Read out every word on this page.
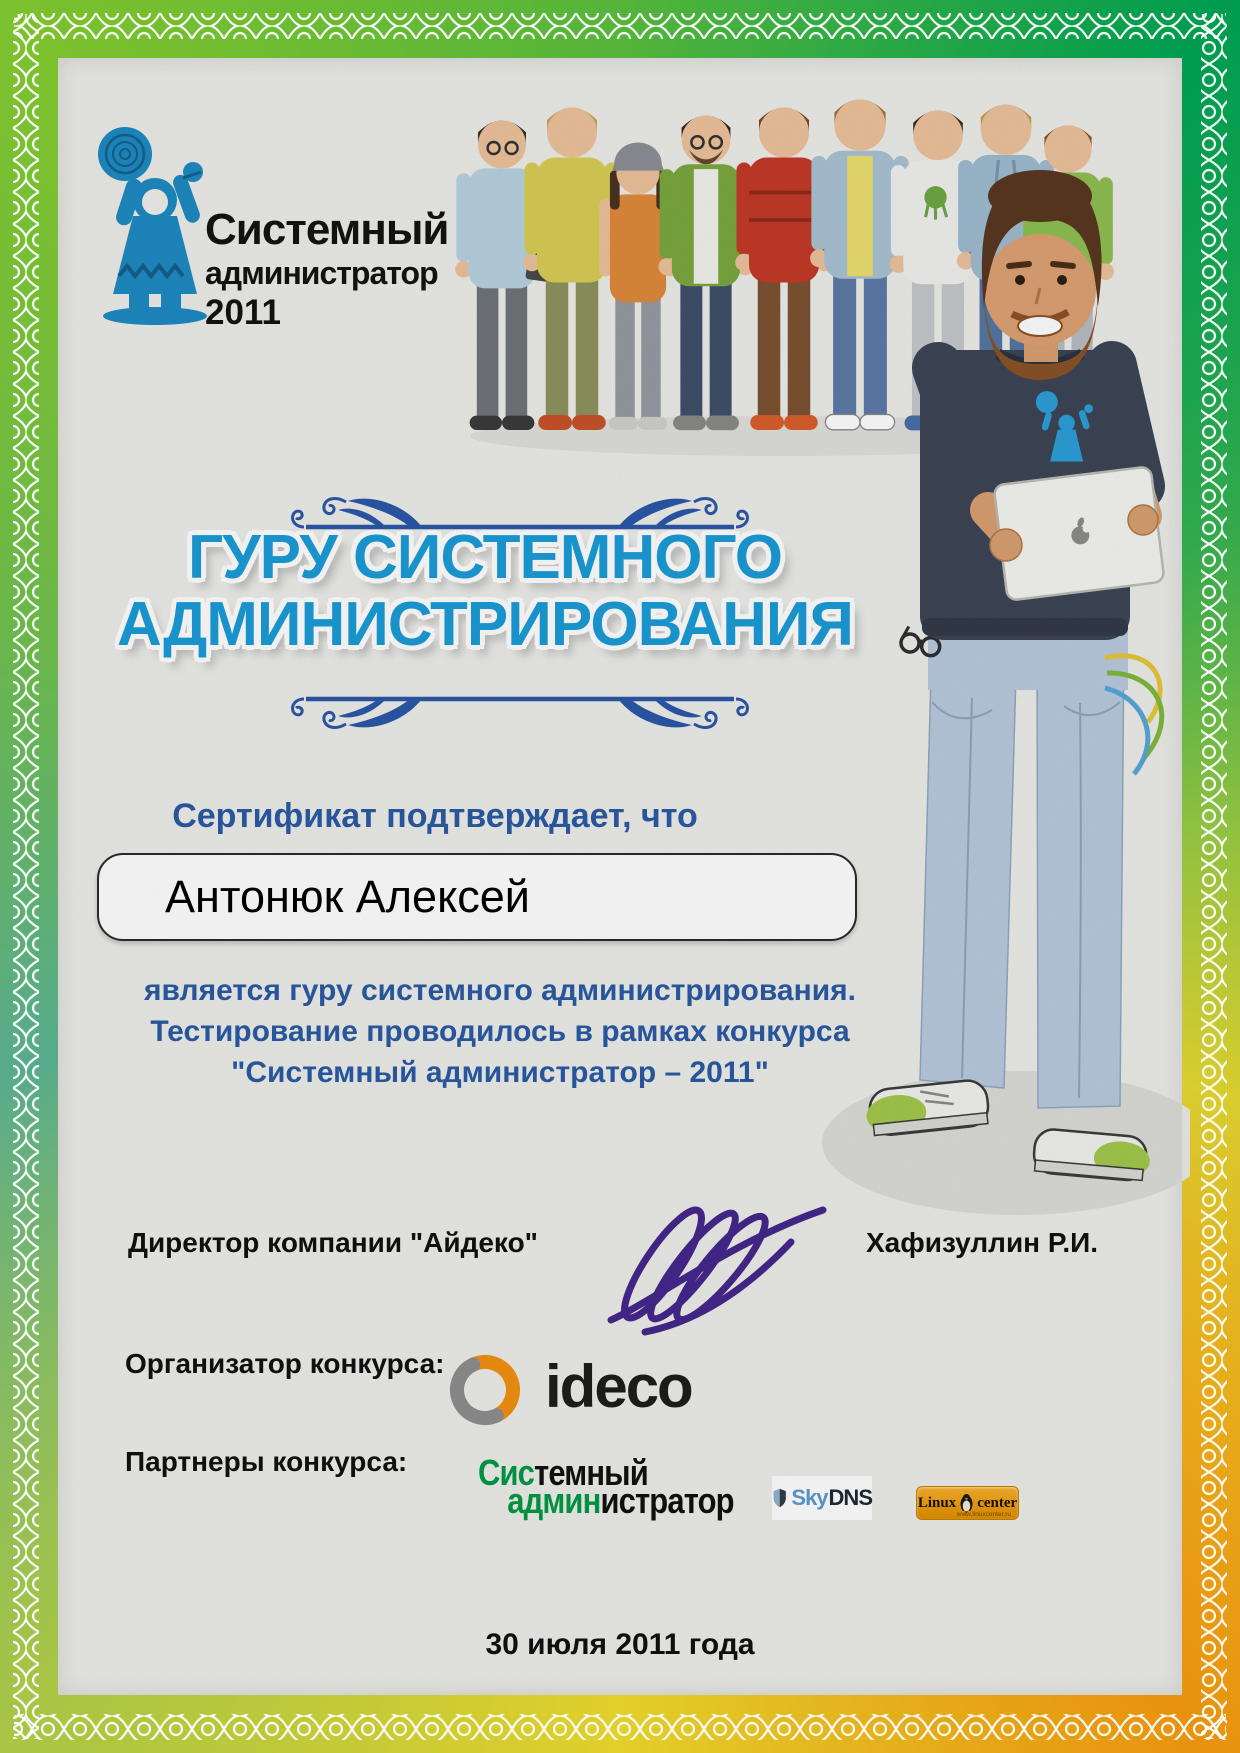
Системный
администратор
2011
ГУРУ СИСТЕМНОГО
АДМИНИСТРИРОВАНИЯ
Сертификат подтверждает, что
Антонюк Алексей
является гуру системного администрирования.
Тестирование проводилось в рамках конкурса
"Системный администратор – 2011"
Директор компании "Айдеко"	Хафизуллин Р.И.
Организатор конкурса: ideco
Партнеры конкурса: Системный
администратор	Sky DNS	Linux center
www.linuxcenter.ru
30 июля 2011 года
